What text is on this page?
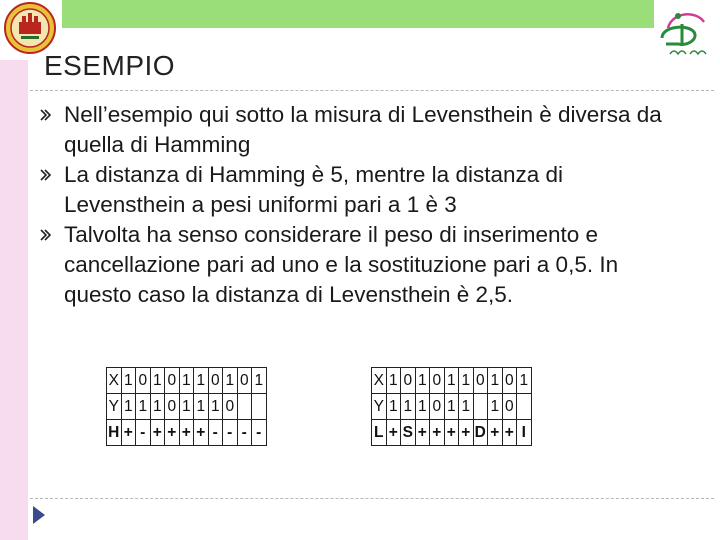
ESEMPIO
Nell’esempio qui sotto la misura di Levensthein è diversa da quella di Hamming
La distanza di Hamming è 5, mentre la distanza di Levensthein a pesi uniformi pari a 1 è 3
Talvolta ha senso considerare il peso di inserimento e cancellazione pari ad uno e la sostituzione pari a 0,5. In questo caso la distanza di Levensthein è 2,5.
X	1	0	1	0	1	1	0	1	0	1
Y	1	1	1	0	1	1	1	0		
H	+	-	+	+	+	+	-	-	-	-
X	1	0	1	0	1	1	0	1	0	1
Y	1	1	1	0	1	1		1	0	
L	+	S	+	+	+	+	D	+	+	I
